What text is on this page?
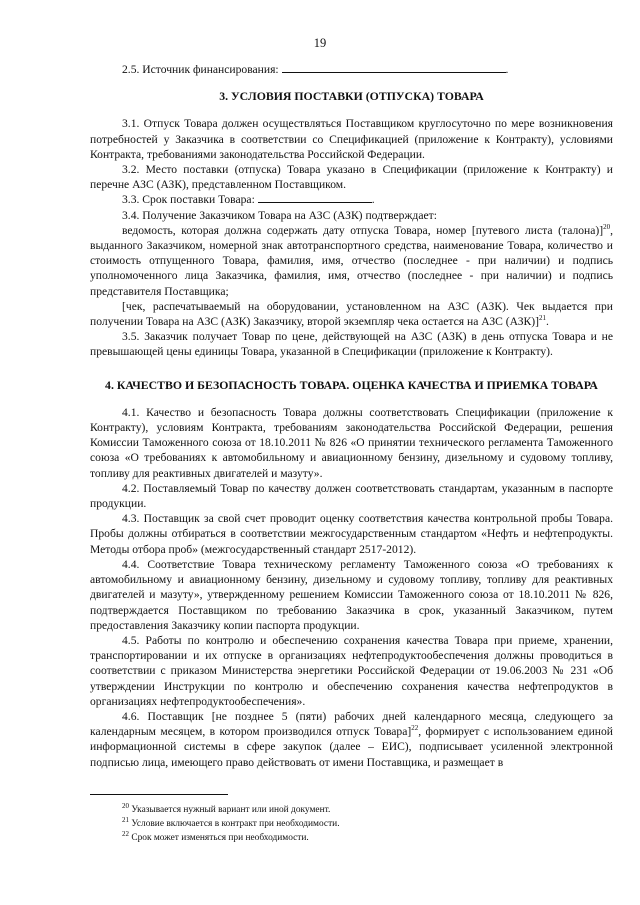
19

2.5. Источник финансирования:	.

3. УСЛОВИЯ ПОСТАВКИ (ОТПУСКА) ТОВАРА

3.1. Отпуск Товара должен осуществляться Поставщиком круглосуточно по мере возникновения потребностей у Заказчика в соответствии со Спецификацией (приложение к Контракту), условиями Контракта, требованиями законодательства Российской Федерации.

3.2. Место поставки (отпуска) Товара указано в Спецификации (приложение к Контракту) и перечне АЗС (АЗК), представленном Поставщиком.

3.3. Срок поставки Товара:	.

3.4. Получение Заказчиком Товара на АЗС (АЗК) подтверждает:

ведомость, которая должна содержать дату отпуска Товара, номер [путевого листа (талона)]$^{20}$, выданного Заказчиком, номерной знак автотранспортного средства, наименование Товара, количество и стоимость отпущенного Товара, фамилия, имя, отчество (последнее - при наличии) и подпись уполномоченного лица Заказчика, фамилия, имя, отчество (последнее - при наличии) и подпись представителя Поставщика;

[чек, распечатываемый на оборудовании, установленном на АЗС (АЗК). Чек выдается при получении Товара на АЗС (АЗК) Заказчику, второй экземпляр чека остается на АЗС (АЗК)]$^{21}$.

3.5. Заказчик получает Товар по цене, действующей на АЗС (АЗК) в день отпуска Товара и не превышающей цены единицы Товара, указанной в Спецификации (приложение к Контракту).

4. КАЧЕСТВО И БЕЗОПАСНОСТЬ ТОВАРА. ОЦЕНКА КАЧЕСТВА И ПРИЕМКА ТОВАРА

4.1. Качество и безопасность Товара должны соответствовать Спецификации (приложение к Контракту), условиям Контракта, требованиям законодательства Российской Федерации, решения Комиссии Таможенного союза от 18.10.2011 № 826 «О принятии технического регламента Таможенного союза «О требованиях к автомобильному и авиационному бензину, дизельному и судовому топливу, топливу для реактивных двигателей и мазуту».

4.2. Поставляемый Товар по качеству должен соответствовать стандартам, указанным в паспорте продукции.

4.3. Поставщик за свой счет проводит оценку соответствия качества контрольной пробы Товара. Пробы должны отбираться в соответствии межгосударственным стандартом «Нефть и нефтепродукты. Методы отбора проб» (межгосударственный стандарт 2517-2012).

4.4. Соответствие Товара техническому регламенту Таможенного союза «О требованиях к автомобильному и авиационному бензину, дизельному и судовому топливу, топливу для реактивных двигателей и мазуту», утвержденному решением Комиссии Таможенного союза от 18.10.2011 № 826, подтверждается Поставщиком по требованию Заказчика в срок, указанный Заказчиком, путем предоставления Заказчику копии паспорта продукции.

4.5. Работы по контролю и обеспечению сохранения качества Товара при приеме, хранении, транспортировании и их отпуске в организациях нефтепродуктообеспечения должны проводиться в соответствии с приказом Министерства энергетики Российской Федерации от 19.06.2003 № 231 «Об утверждении Инструкции по контролю и обеспечению сохранения качества нефтепродуктов в организациях нефтепродуктообеспечения».

4.6. Поставщик [не позднее 5 (пяти) рабочих дней календарного месяца, следующего за календарным месяцем, в котором производился отпуск Товара]$^{22}$, формирует с использованием единой информационной системы в сфере закупок (далее – ЕИС), подписывает усиленной электронной подписью лица, имеющего право действовать от имени Поставщика, и размещает в

$^{20}$ Указывается нужный вариант или иной документ.

$^{21}$ Условие включается в контракт при необходимости.

$^{22}$ Срок может изменяться при необходимости.
